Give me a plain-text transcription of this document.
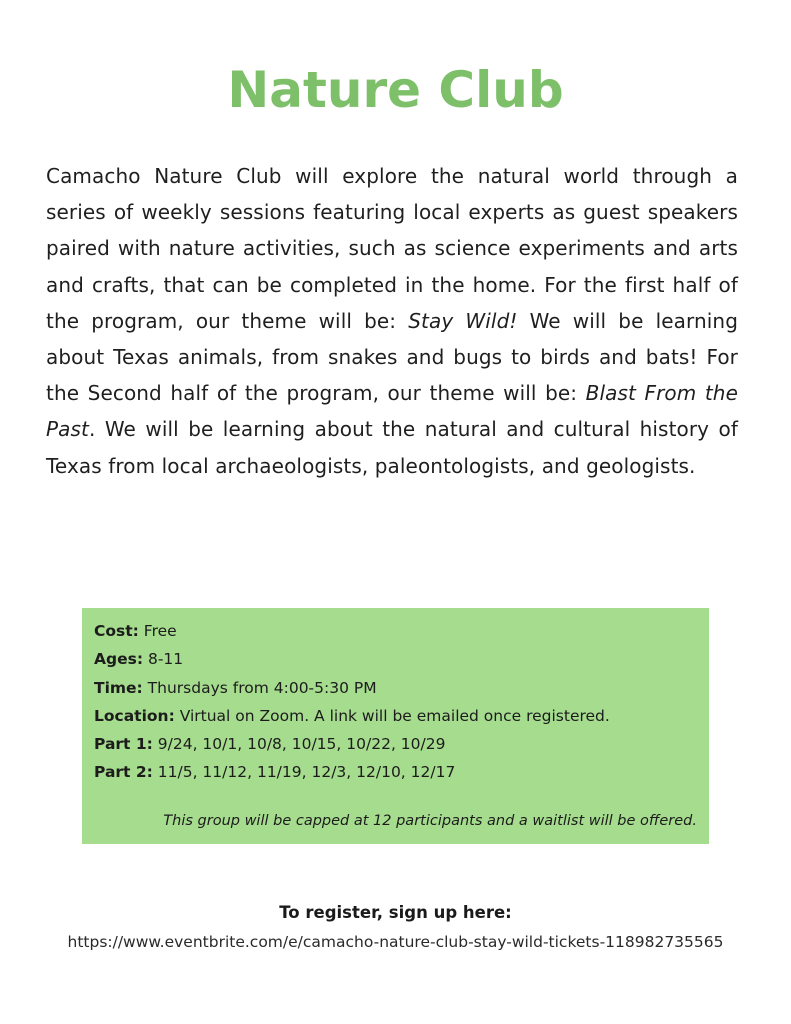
Nature Club

Camacho Nature Club will explore the natural world through a series of weekly sessions featuring local experts as guest speakers paired with nature activities, such as science experiments and arts and crafts, that can be completed in the home. For the first half of the program, our theme will be: Stay Wild! We will be learning about Texas animals, from snakes and bugs to birds and bats! For the Second half of the program, our theme will be: Blast From the Past. We will be learning about the natural and cultural history of Texas from local archaeologists, paleontologists, and geologists.

Cost: Free
Ages: 8-11
Time: Thursdays from 4:00-5:30 PM
Location: Virtual on Zoom. A link will be emailed once registered.
Part 1: 9/24, 10/1, 10/8, 10/15, 10/22, 10/29
Part 2: 11/5, 11/12, 11/19, 12/3, 12/10, 12/17
This group will be capped at 12 participants and a waitlist will be offered.
To register, sign up here:
https://www.eventbrite.com/e/camacho-nature-club-stay-wild-tickets-118982735565
